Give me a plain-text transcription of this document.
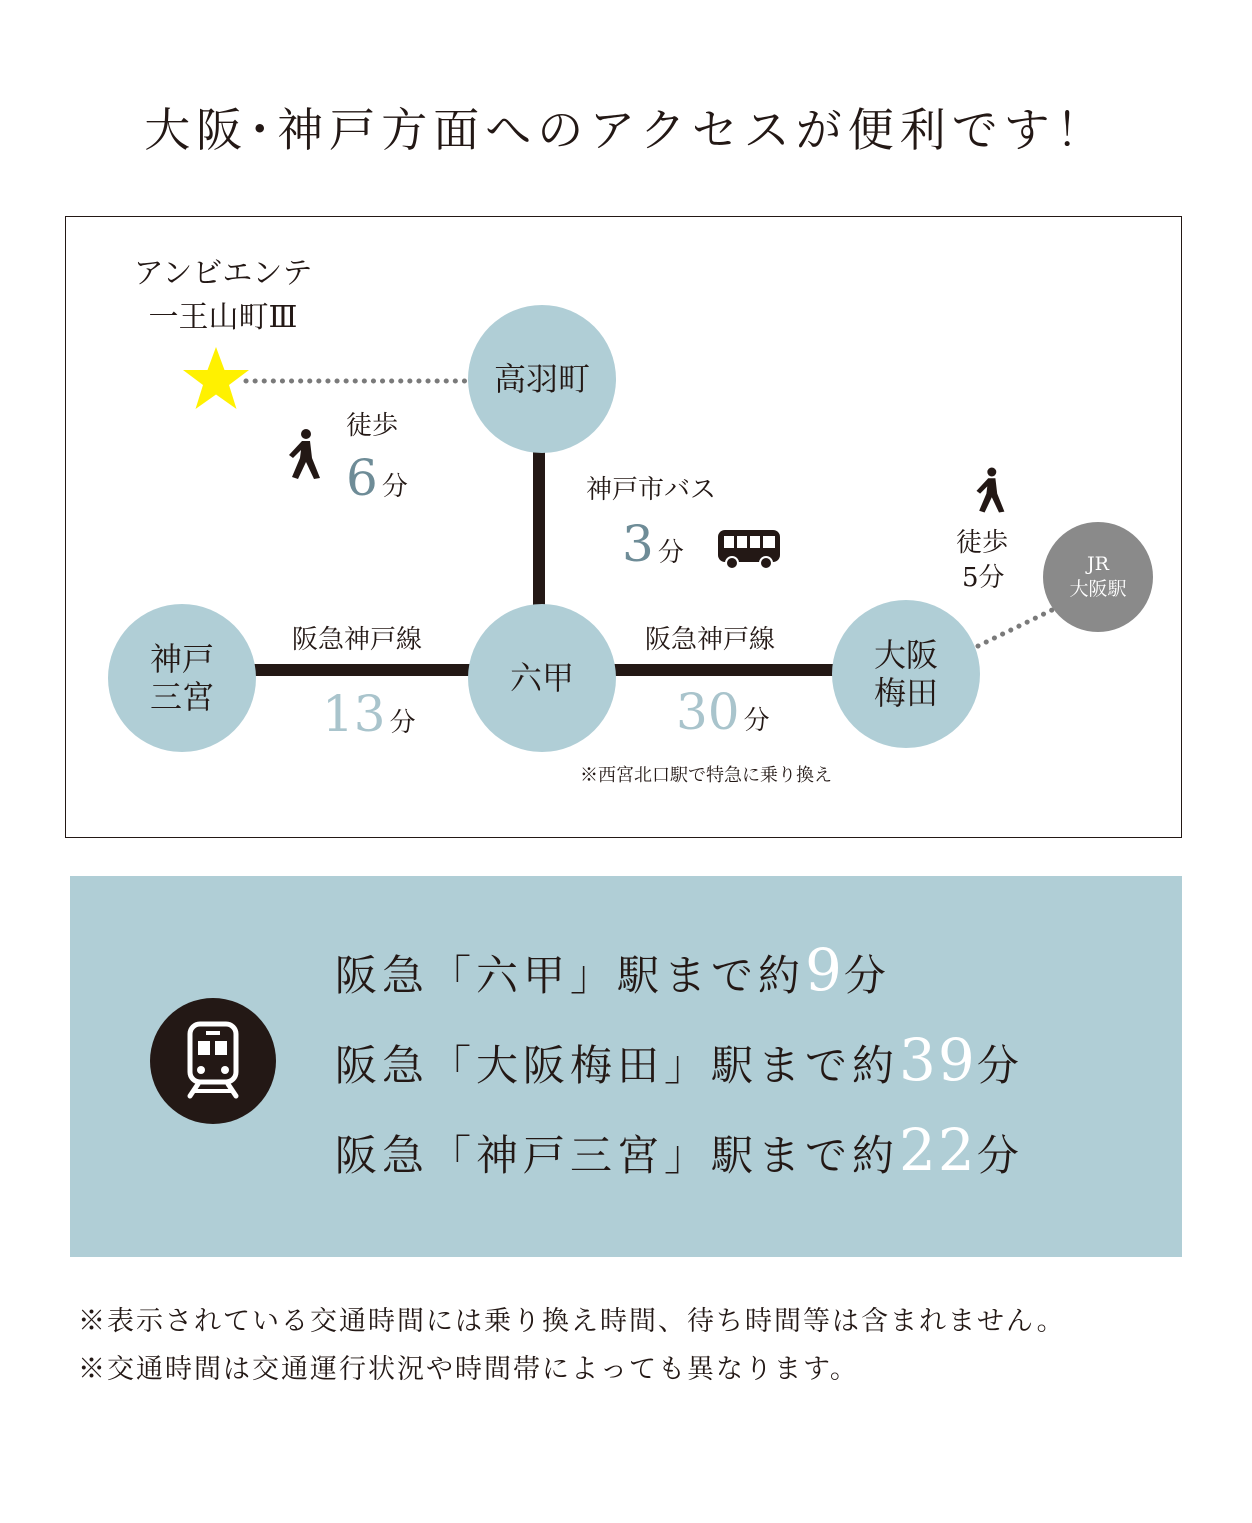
大阪･神戸方面へのアクセスが便利です！
アンビエンテ
一王山町Ⅲ
高羽町
六甲
神戸
三宮
大阪
梅田
JR
大阪駅
徒歩
6 分	神戸市バス
3 分	徒歩
5分
阪急神戸線
13 分
阪急神戸線
30 分
※西宮北口駅で特急に乗り換え
阪急「六甲」駅まで約9分
阪急「大阪梅田」駅まで約39分
阪急「神戸三宮」駅まで約22分
※表示されている交通時間には乗り換え時間、待ち時間等は含まれません。
※交通時間は交通運行状況や時間帯によっても異なります。
